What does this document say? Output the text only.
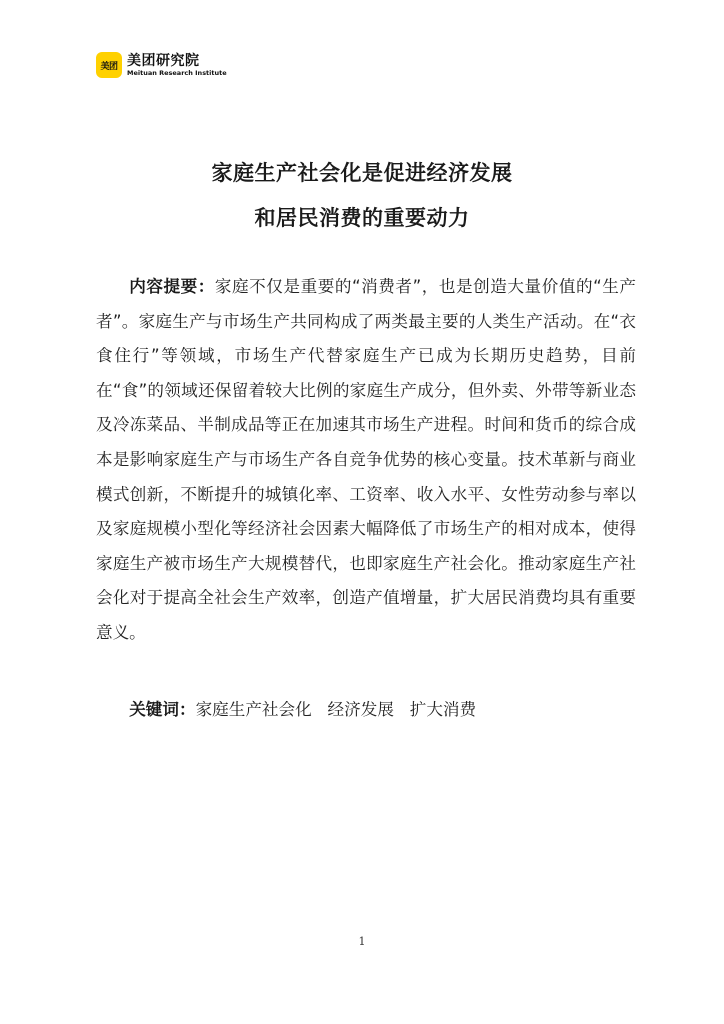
美团 美团研究院
Meituan Research Institute
家庭生产社会化是促进经济发展
和居民消费的重要动力
内容提要：家庭不仅是重要的“消费者”，也是创造大量价值的“生产者”。家庭生产与市场生产共同构成了两类最主要的人类生产活动。在“衣食住行”等领域，市场生产代替家庭生产已成为长期历史趋势，目前在“食”的领域还保留着较大比例的家庭生产成分，但外卖、外带等新业态及冷冻菜品、半制成品等正在加速其市场生产进程。时间和货币的综合成本是影响家庭生产与市场生产各自竞争优势的核心变量。技术革新与商业模式创新，不断提升的城镇化率、工资率、收入水平、女性劳动参与率以及家庭规模小型化等经济社会因素大幅降低了市场生产的相对成本，使得家庭生产被市场生产大规模替代，也即家庭生产社会化。推动家庭生产社会化对于提高全社会生产效率，创造产值增量，扩大居民消费均具有重要意义。
关键词：家庭生产社会化   经济发展   扩大消费
1
